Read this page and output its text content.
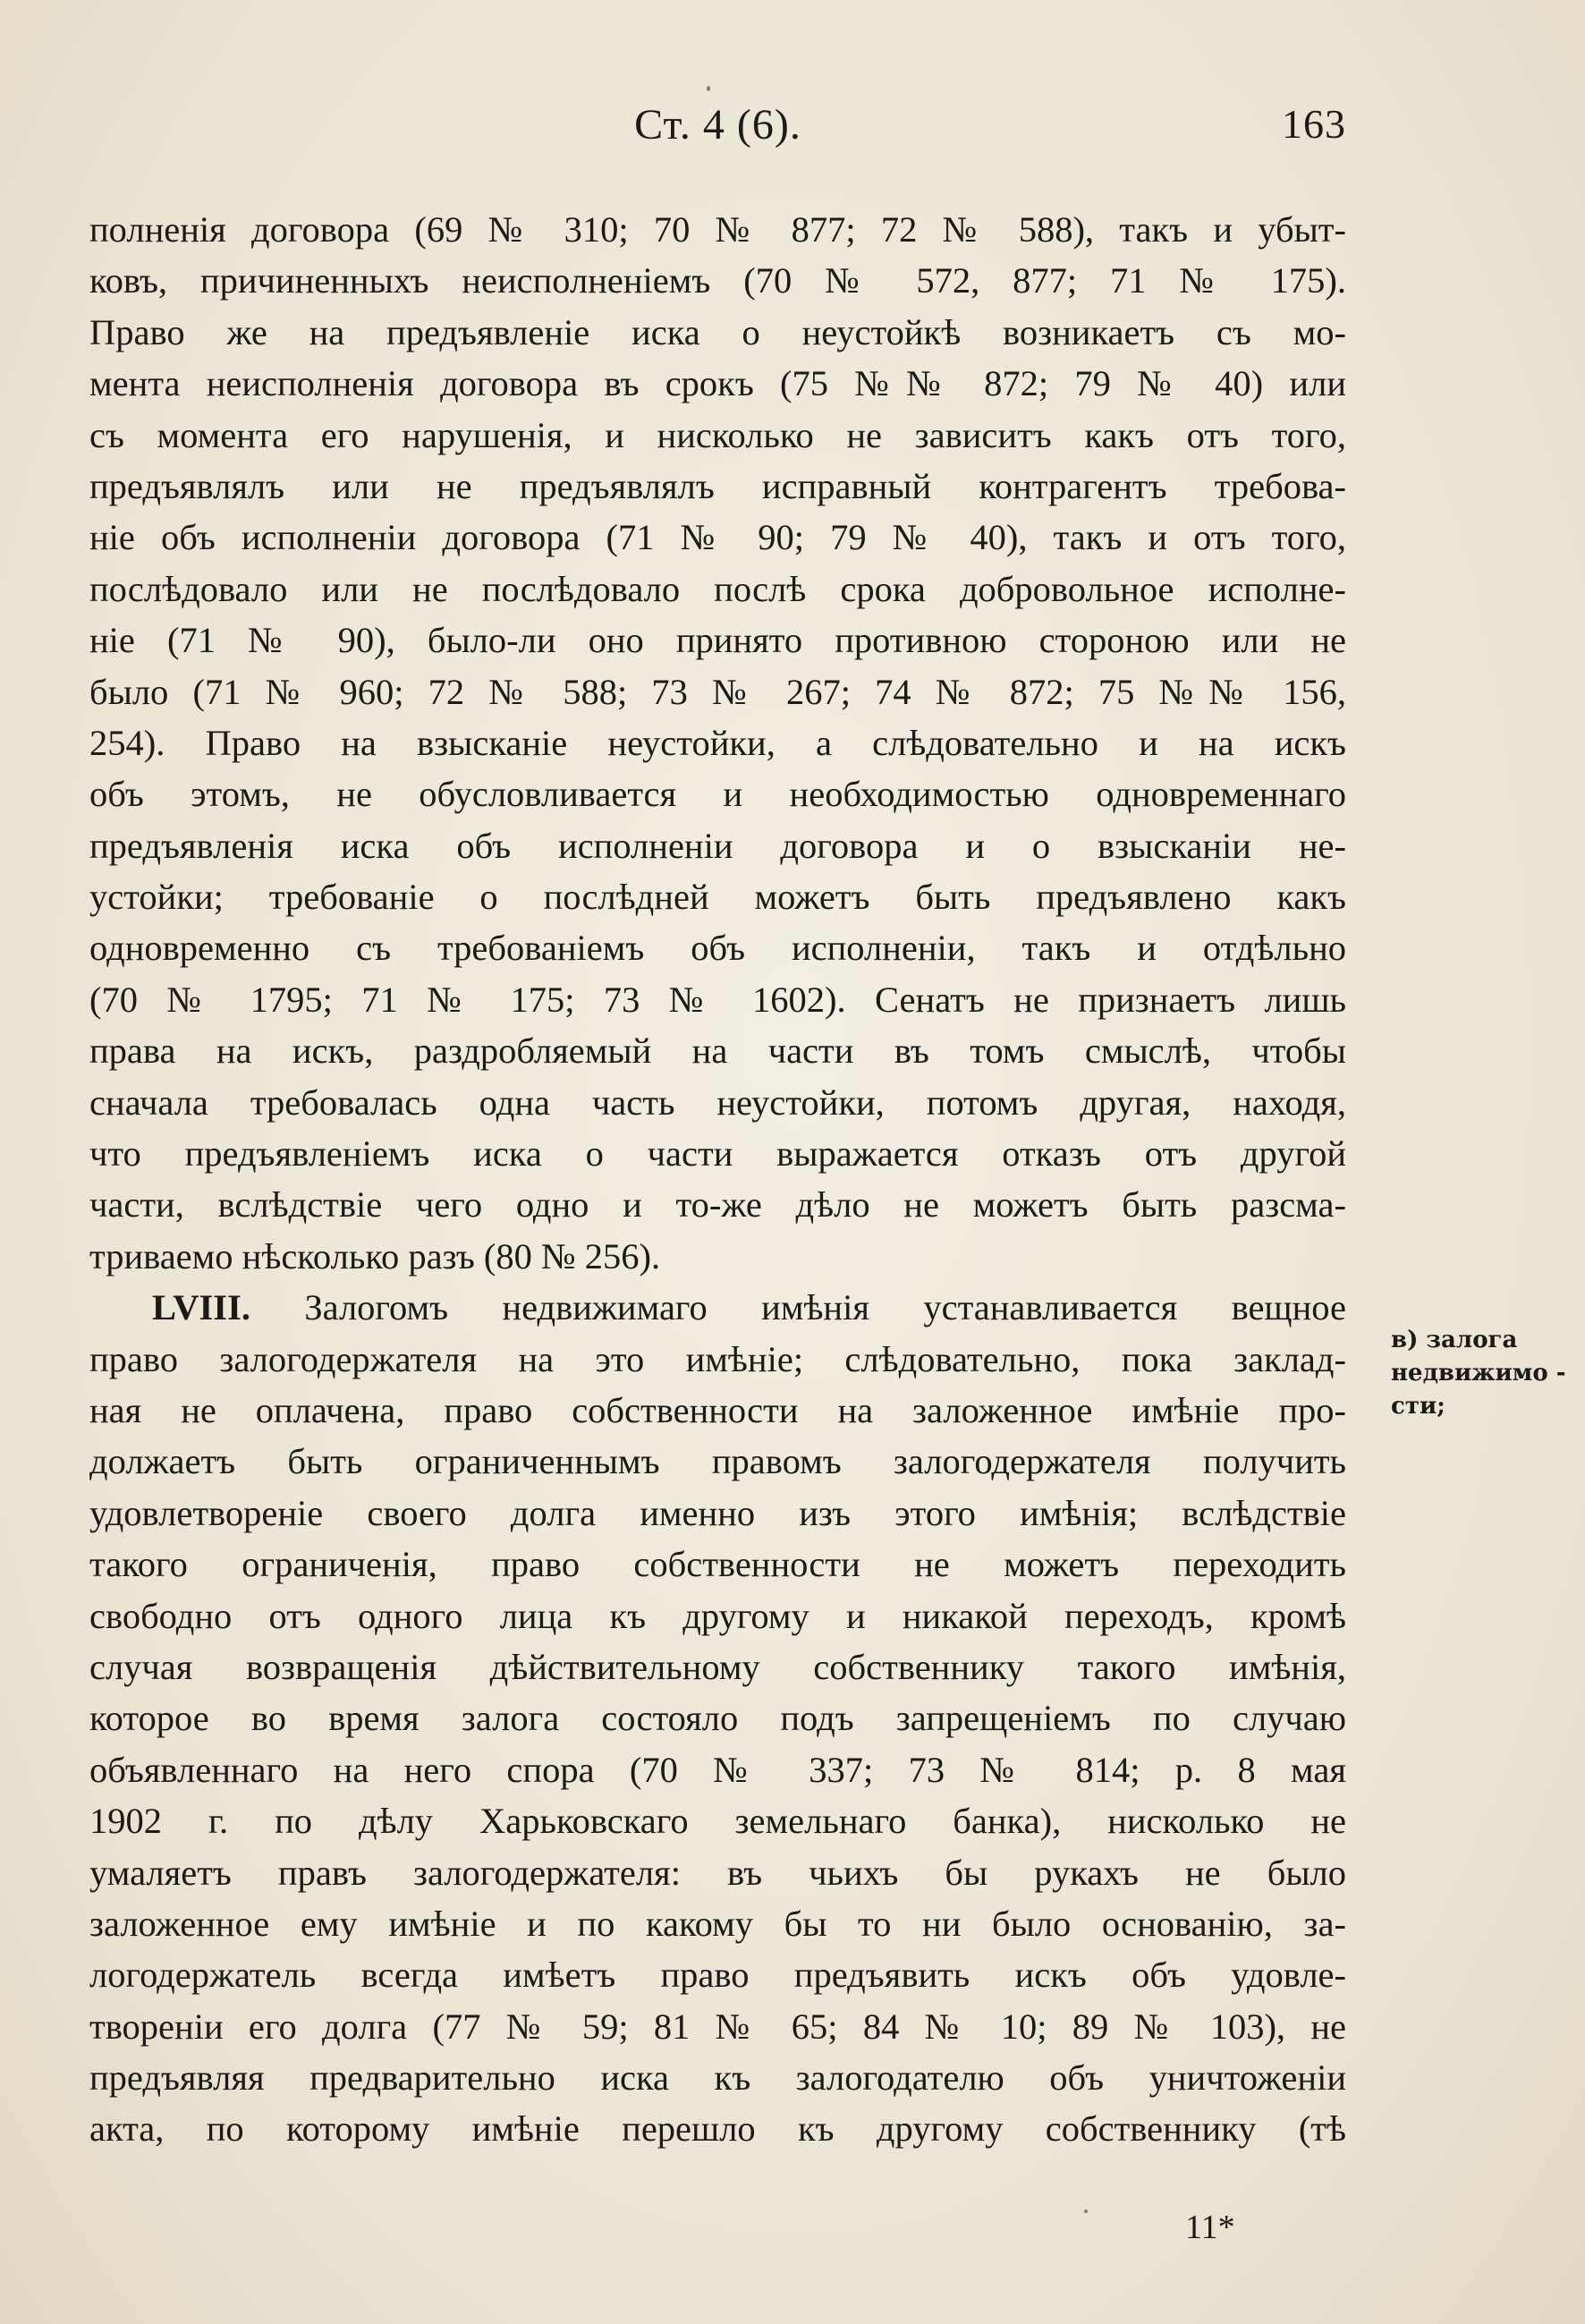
Ст. 4 (6).	163
полненія договора (69 № 310; 70 № 877; 72 № 588), такъ и убыт-
ковъ, причиненныхъ неисполненіемъ (70 № 572, 877; 71 № 175).
Право же на предъявленіе иска о неустойкѣ возникаетъ съ мо-
мента неисполненія договора въ срокъ (75 №№ 872; 79 № 40) или
съ момента его нарушенія, и нисколько не зависитъ какъ отъ того,
предъявлялъ или не предъявлялъ исправный контрагентъ требова-
ніе объ исполненіи договора (71 № 90; 79 № 40), такъ и отъ того,
послѣдовало или не послѣдовало послѣ срока добровольное исполне-
ніе (71 № 90), было-ли оно принято противною стороною или не
было (71 № 960; 72 № 588; 73 № 267; 74 № 872; 75 №№ 156,
254). Право на взысканіе неустойки, а слѣдовательно и на искъ
объ этомъ, не обусловливается и необходимостью одновременнаго
предъявленія иска объ исполненіи договора и о взысканіи не-
устойки; требованіе о послѣдней можетъ быть предъявлено какъ
одновременно съ требованіемъ объ исполненіи, такъ и отдѣльно
(70 № 1795; 71 № 175; 73 № 1602). Сенатъ не признаетъ лишь
права на искъ, раздробляемый на части въ томъ смыслѣ, чтобы
сначала требовалась одна часть неустойки, потомъ другая, находя,
что предъявленіемъ иска о части выражается отказъ отъ другой
части, вслѣдствіе чего одно и то-же дѣло не можетъ быть разсма-
триваемо нѣсколько разъ (80 № 256).
LVIII. Залогомъ недвижимаго имѣнія устанавливается вещное
право залогодержателя на это имѣніе; слѣдовательно, пока заклад-
ная не оплачена, право собственности на заложенное имѣніе про-
должаетъ быть ограниченнымъ правомъ залогодержателя получить
удовлетвореніе своего долга именно изъ этого имѣнія; вслѣдствіе
такого ограниченія, право собственности не можетъ переходить
свободно отъ одного лица къ другому и никакой переходъ, кромѣ
случая возвращенія дѣйствительному собственнику такого имѣнія,
которое во время залога состояло подъ запрещеніемъ по случаю
объявленнаго на него спора (70 № 337; 73 № 814; р. 8 мая
1902 г. по дѣлу Харьковскаго земельнаго банка), нисколько не
умаляетъ правъ залогодержателя: въ чьихъ бы рукахъ не было
заложенное ему имѣніе и по какому бы то ни было основанію, за-
логодержатель всегда имѣетъ право предъявить искъ объ удовле-
твореніи его долга (77 № 59; 81 № 65; 84 № 10; 89 № 103), не
предъявляя предварительно иска къ залогодателю объ уничтоженіи
акта, по которому имѣніе перешло къ другому собственнику (тѣ
в) залога
недвижимо -
сти;
11*
